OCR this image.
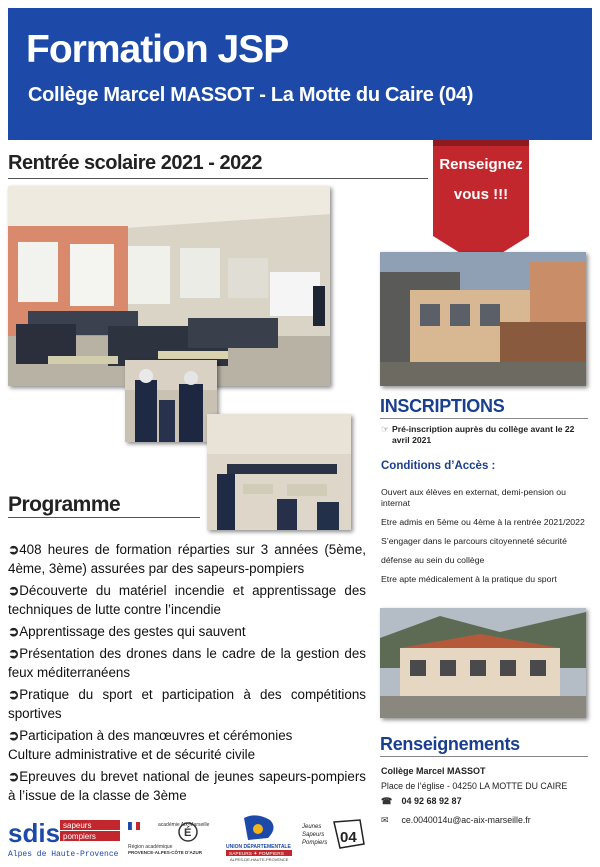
Formation JSP
Collège Marcel MASSOT - La Motte du Caire (04)
Rentrée scolaire 2021 - 2022	Renseignez
vous !!!
Programme
➲408 heures de formation réparties sur 3 années (5ème, 4ème, 3ème) assurées par des sapeurs-pompiers
➲Découverte du matériel incendie et apprentissage des techniques de lutte contre l’incendie
➲Apprentissage des gestes qui sauvent
➲Présentation des drones dans le cadre de la gestion des feux méditerranéens
➲Pratique du sport et participation à des compétitions sportives
➲Participation à des manœuvres et cérémonies
Culture administrative et de sécurité civile
➲Epreuves du brevet national de jeunes sapeurs-pompiers à l’issue de la classe de 3ème
INSCRIPTIONS
☞ Pré-inscription auprès du collège avant le 22 avril 2021
Conditions d’Accès :
Ouvert aux élèves en externat, demi-pension ou internat
Etre admis en 5ème ou 4ème à la rentrée 2021/2022
S’engager dans le parcours citoyenneté sécurité
défense au sein du collège
Etre apte médicalement à la pratique du sport
Renseignements
Collège Marcel MASSOT
Place de l’église - 04250 LA MOTTE DU CAIRE
☎ 04 92 68 92 87
✉ ce.0040014u@ac-aix-marseille.fr
sdis sapeurs
pompiers
Alpes de Haute-Provence
académie Aix-Marseille
É
Région académique
PROVENCE-ALPES-CÔTE D’AZUR
UNION DÉPARTEMENTALE
SAPEURS ✦ POMPIERS
ALPES-DE-HAUTE-PROVENCE
Jeunes
Sapeurs
Pompiers 04
